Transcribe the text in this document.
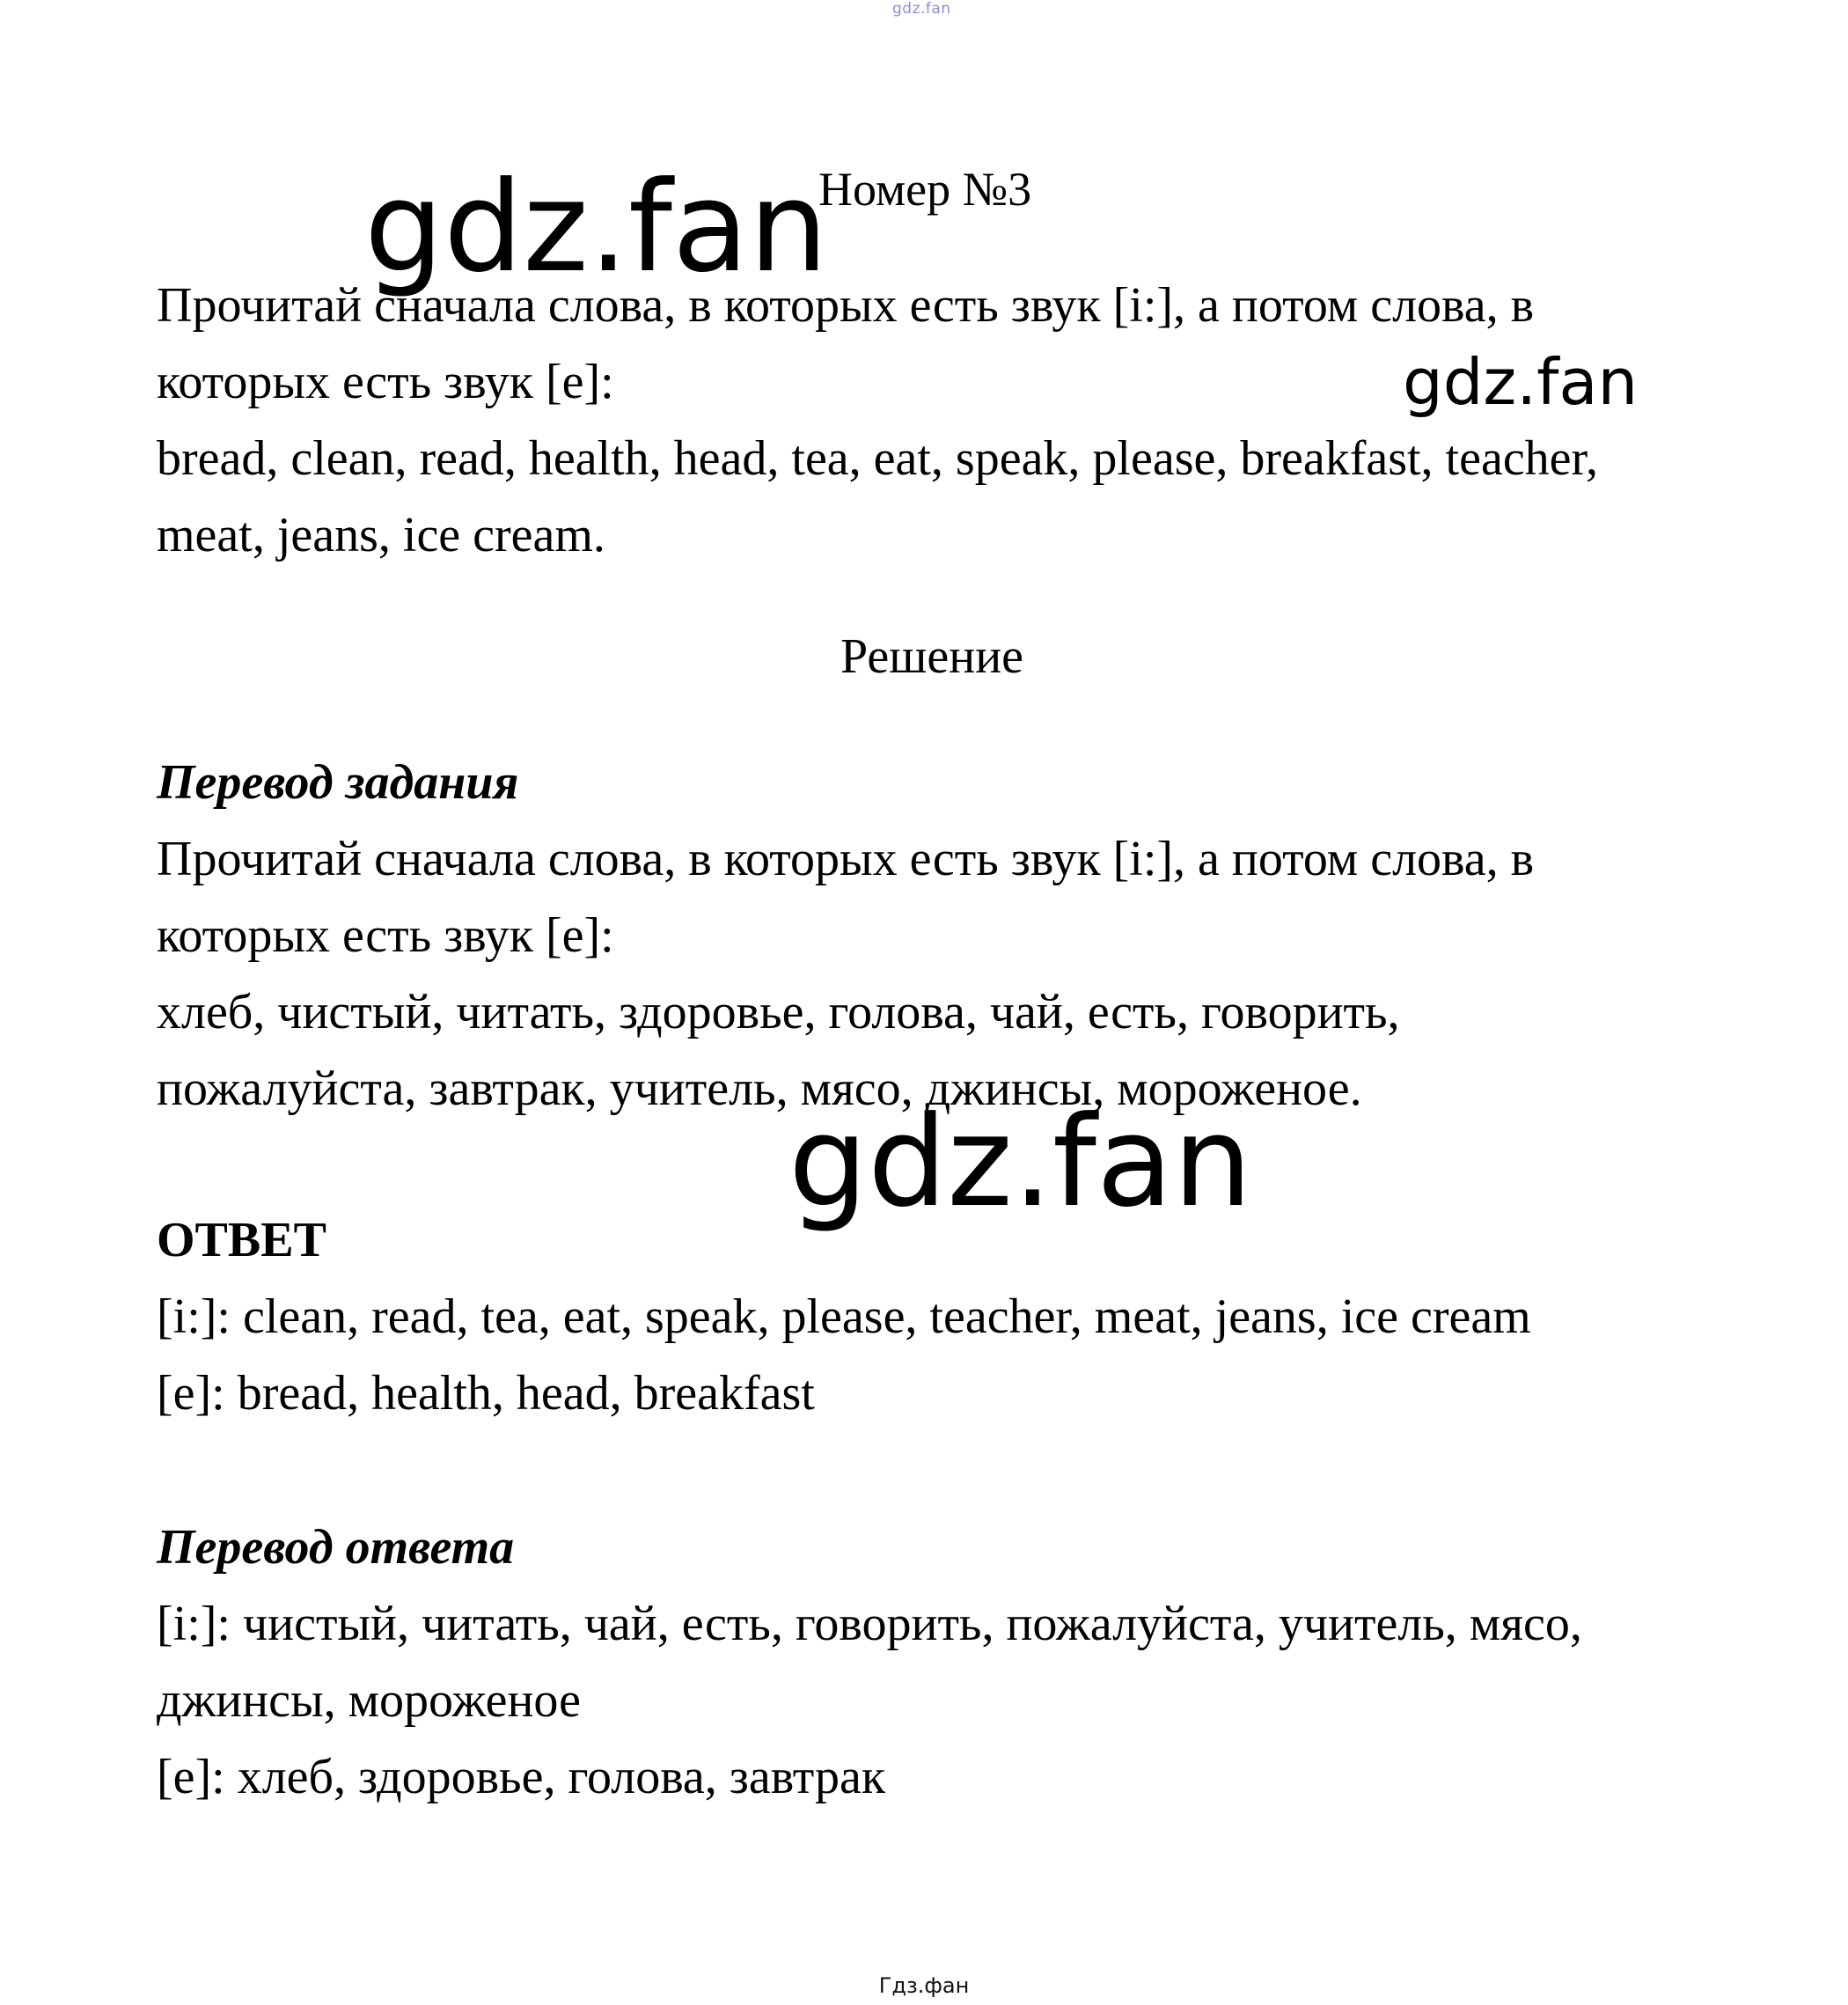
gdz.fan
Номер №3

Прочитай сначала слова, в которых есть звук [i:], а потом слова, в

которых есть звук [e]:

bread, clean, read, health, head, tea, eat, speak, please, breakfast, teacher,

meat, jeans, ice cream.

Решение

Перевод задания

Прочитай сначала слова, в которых есть звук [i:], а потом слова, в

которых есть звук [e]:

хлеб, чистый, читать, здоровье, голова, чай, есть, говорить,

пожалуйста, завтрак, учитель, мясо, джинсы, мороженое.

ОТВЕТ

[i:]: clean, read, tea, eat, speak, please, teacher, meat, jeans, ice cream

[e]: bread, health, head, breakfast

Перевод ответа

[i:]: чистый, читать, чай, есть, говорить, пожалуйста, учитель, мясо,

джинсы, мороженое

[e]: хлеб, здоровье, голова, завтрак

gdz.fan
gdz.fan
gdz.fan
Гдз.фан
